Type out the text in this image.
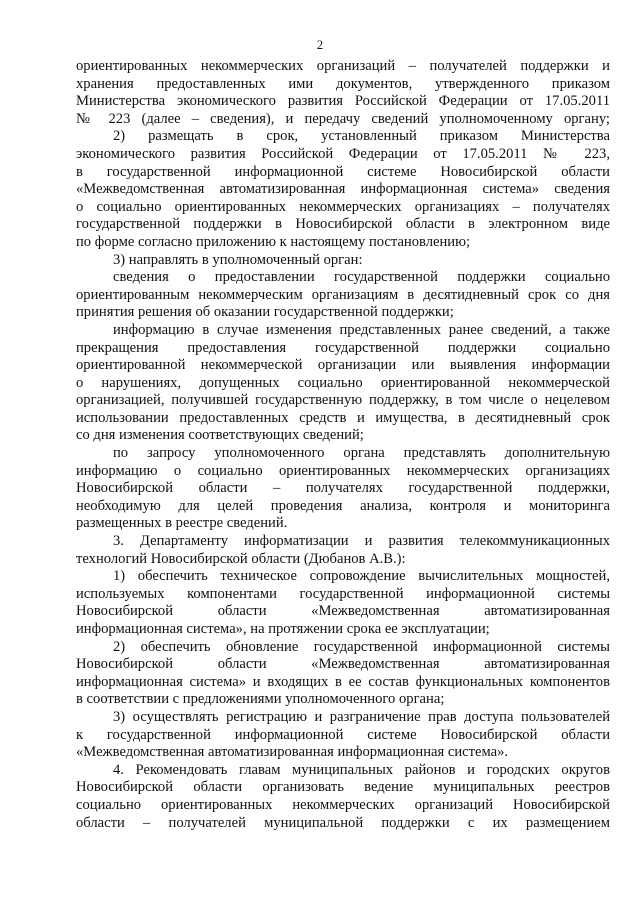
2
ориентированных некоммерческих организаций – получателей поддержки и
хранения предоставленных ими документов, утвержденного приказом
Министерства экономического развития Российской Федерации от 17.05.2011
№ 223 (далее – сведения), и передачу сведений уполномоченному органу;
2) размещать в срок, установленный приказом Министерства
экономического развития Российской Федерации от 17.05.2011 № 223,
в государственной информационной системе Новосибирской области
«Межведомственная автоматизированная информационная система» сведения
о социально ориентированных некоммерческих организациях – получателях
государственной поддержки в Новосибирской области в электронном виде
по форме согласно приложению к настоящему постановлению;
3) направлять в уполномоченный орган:
сведения о предоставлении государственной поддержки социально
ориентированным некоммерческим организациям в десятидневный срок со дня
принятия решения об оказании государственной поддержки;
информацию в случае изменения представленных ранее сведений, а также
прекращения предоставления государственной поддержки социально
ориентированной некоммерческой организации или выявления информации
о нарушениях, допущенных социально ориентированной некоммерческой
организацией, получившей государственную поддержку, в том числе о нецелевом
использовании предоставленных средств и имущества, в десятидневный срок
со дня изменения соответствующих сведений;
по запросу уполномоченного органа представлять дополнительную
информацию о социально ориентированных некоммерческих организациях
Новосибирской области – получателях государственной поддержки,
необходимую для целей проведения анализа, контроля и мониторинга
размещенных в реестре сведений.
3. Департаменту информатизации и развития телекоммуникационных
технологий Новосибирской области (Дюбанов А.В.):
1) обеспечить техническое сопровождение вычислительных мощностей,
используемых компонентами государственной информационной системы
Новосибирской области «Межведомственная автоматизированная
информационная система», на протяжении срока ее эксплуатации;
2) обеспечить обновление государственной информационной системы
Новосибирской области «Межведомственная автоматизированная
информационная система» и входящих в ее состав функциональных компонентов
в соответствии с предложениями уполномоченного органа;
3) осуществлять регистрацию и разграничение прав доступа пользователей
к государственной информационной системе Новосибирской области
«Межведомственная автоматизированная информационная система».
4. Рекомендовать главам муниципальных районов и городских округов
Новосибирской области организовать ведение муниципальных реестров
социально ориентированных некоммерческих организаций Новосибирской
области – получателей муниципальной поддержки с их размещением
